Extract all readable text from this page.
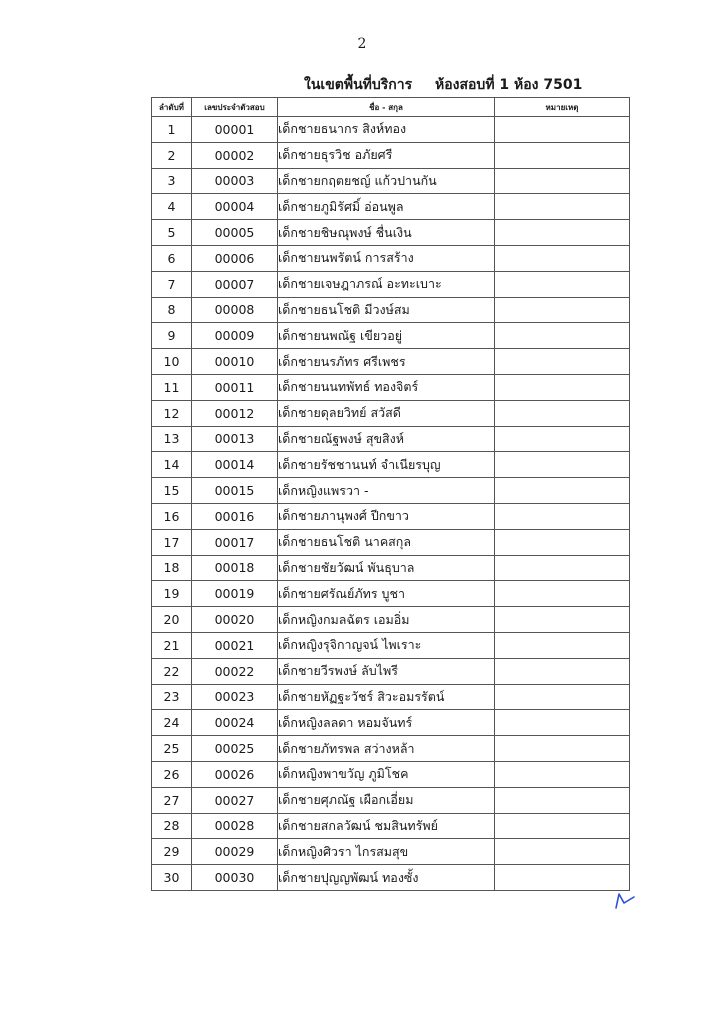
2
ในเขตพื้นที่บริการ ห้องสอบที่ 1 ห้อง 7501
ลำดับที่	เลขประจำตัวสอบ	ชื่อ - สกุล	หมายเหตุ
1	00001	เด็กชายธนากร สิงห์ทอง	
2	00002	เด็กชายธุรวิช อภัยศรี	
3	00003	เด็กชายกฤตยชญ์ แก้วปานกัน	
4	00004	เด็กชายภูมิรัศมิ์ อ่อนพูล	
5	00005	เด็กชายชิษณุพงษ์ ชื่นเงิน	
6	00006	เด็กชายนพรัตน์ การสร้าง	
7	00007	เด็กชายเจษฎาภรณ์ อะทะเบาะ	
8	00008	เด็กชายธนโชติ มีวงษ์สม	
9	00009	เด็กชายนพณัฐ เขียวอยู่	
10	00010	เด็กชายนรภัทร ศรีเพชร	
11	00011	เด็กชายนนทพัทธ์ ทองจิตร์	
12	00012	เด็กชายดุลยวิทย์ สวัสดี	
13	00013	เด็กชายณัฐพงษ์ สุขสิงห์	
14	00014	เด็กชายรัชชานนท์ จำเนียรบุญ	
15	00015	เด็กหญิงแพรวา -	
16	00016	เด็กชายภานุพงศ์ ปีกขาว	
17	00017	เด็กชายธนโชติ นาคสกุล	
18	00018	เด็กชายชัยวัฒน์ พันธุบาล	
19	00019	เด็กชายศรัณย์ภัทร บูชา	
20	00020	เด็กหญิงกมลฉัตร เอมอิ่ม	
21	00021	เด็กหญิงรุจิกาญจน์ ไพเราะ	
22	00022	เด็กชายวีรพงษ์ ลับไพรี	
23	00023	เด็กชายหัฏฐะวัชร์ สิวะอมรรัตน์	
24	00024	เด็กหญิงลลดา หอมจันทร์	
25	00025	เด็กชายภัทรพล สว่างหล้า	
26	00026	เด็กหญิงพาขวัญ ภูมิโชค	
27	00027	เด็กชายศุภณัฐ เผือกเอี่ยม	
28	00028	เด็กชายสกลวัฒน์ ชมสินทรัพย์	
29	00029	เด็กหญิงศิวรา ไกรสมสุข	
30	00030	เด็กชายปุญญพัฒน์ ทองซั้ง	
